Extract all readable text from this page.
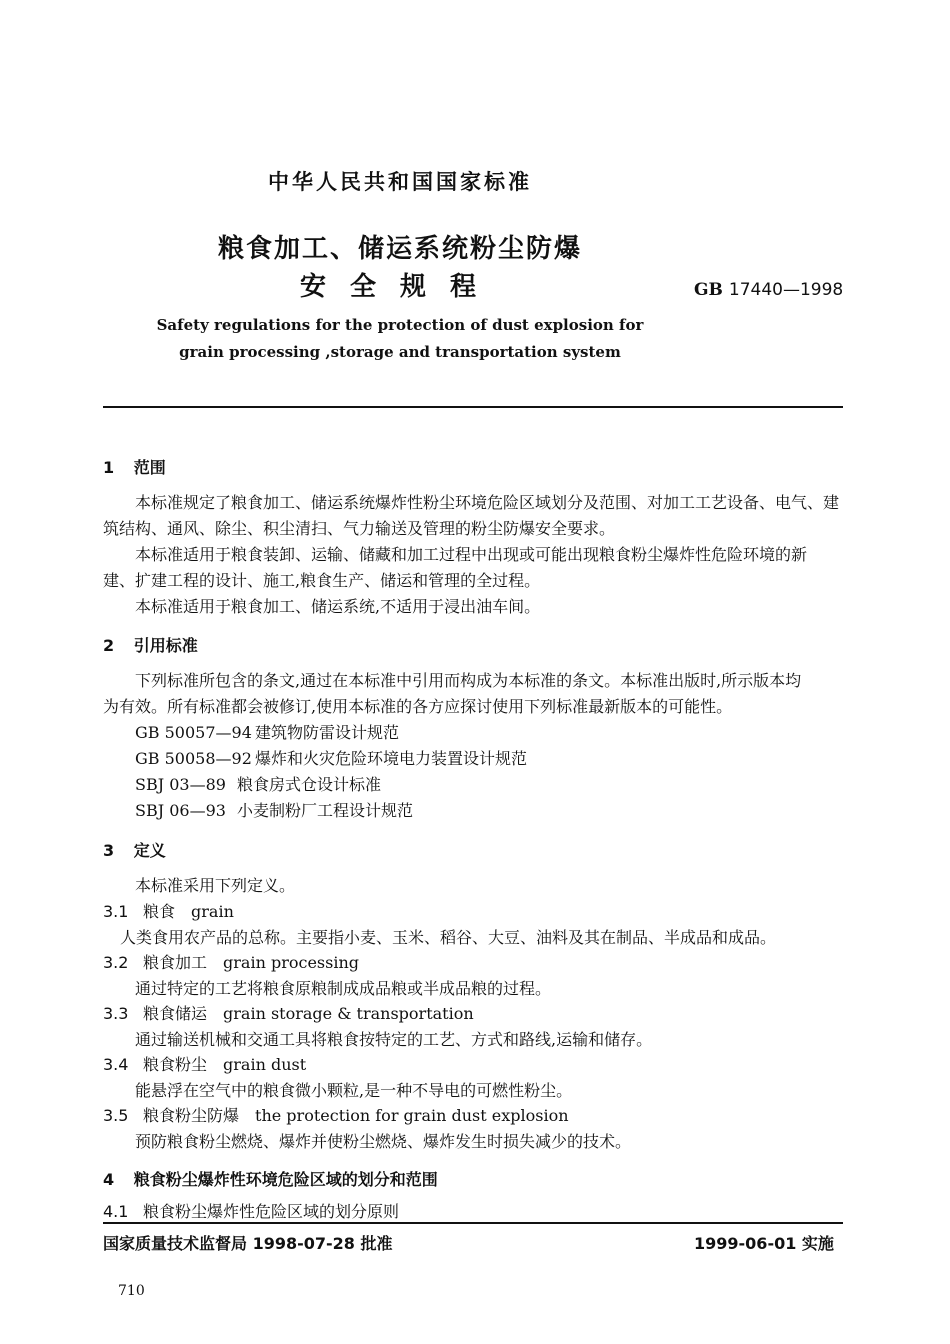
中华人民共和国国家标准
粮食加工、储运系统粉尘防爆
安全规程	GB 17440—1998
Safety regulations for the protection of dust explosion for
grain processing ,storage and transportation system
1 范围
本标准规定了粮食加工、储运系统爆炸性粉尘环境危险区域划分及范围、对加工工艺设备、电气、建
筑结构、通风、除尘、积尘清扫、气力输送及管理的粉尘防爆安全要求。
本标准适用于粮食装卸、运输、储藏和加工过程中出现或可能出现粮食粉尘爆炸性危险环境的新
建、扩建工程的设计、施工,粮食生产、储运和管理的全过程。
本标准适用于粮食加工、储运系统,不适用于浸出油车间。
2 引用标准
下列标准所包含的条文,通过在本标准中引用而构成为本标准的条文。本标准出版时,所示版本均
为有效。所有标准都会被修订,使用本标准的各方应探讨使用下列标准最新版本的可能性。
GB 50057—94 建筑物防雷设计规范
GB 50058—92 爆炸和火灾危险环境电力装置设计规范
SBJ 03—89 粮食房式仓设计标准
SBJ 06—93 小麦制粉厂工程设计规范
3 定义
本标准采用下列定义。
3.1 粮食 grain
人类食用农产品的总称。主要指小麦、玉米、稻谷、大豆、油料及其在制品、半成品和成品。
3.2 粮食加工 grain processing
通过特定的工艺将粮食原粮制成成品粮或半成品粮的过程。
3.3 粮食储运 grain storage & transportation
通过输送机械和交通工具将粮食按特定的工艺、方式和路线,运输和储存。
3.4 粮食粉尘 grain dust
能悬浮在空气中的粮食微小颗粒,是一种不导电的可燃性粉尘。
3.5 粮食粉尘防爆 the protection for grain dust explosion
预防粮食粉尘燃烧、爆炸并使粉尘燃烧、爆炸发生时损失减少的技术。
4 粮食粉尘爆炸性环境危险区域的划分和范围
4.1 粮食粉尘爆炸性危险区域的划分原则
国家质量技术监督局 1998-07-28 批准	1999-06-01 实施
710
